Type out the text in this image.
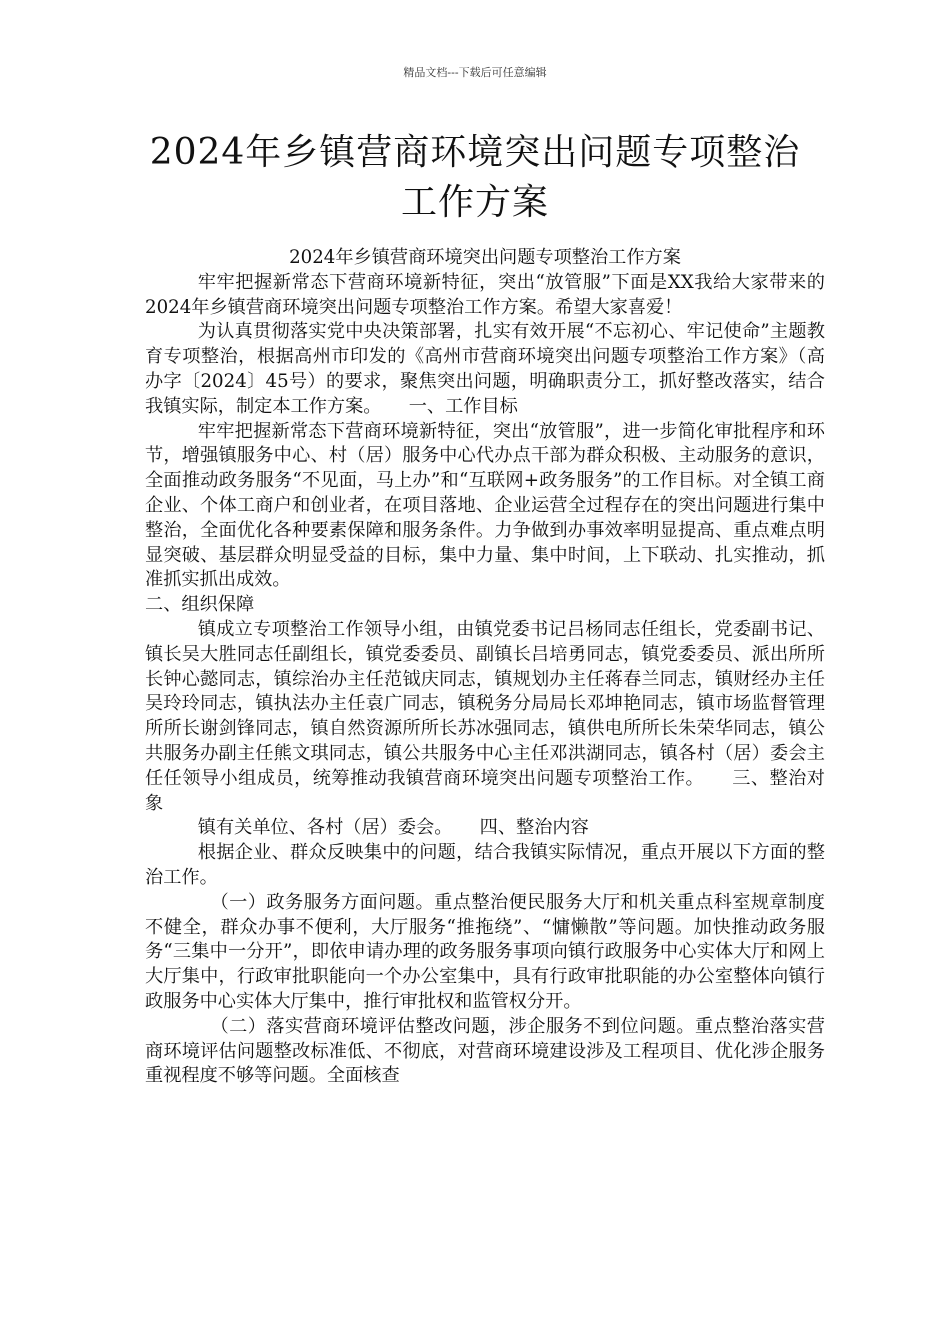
精品文档---下载后可任意编辑
2024年乡镇营商环境突出问题专项整治工作方案

2024年乡镇营商环境突出问题专项整治工作方案

牢牢把握新常态下营商环境新特征，突出“放管服”下面是XX我给大家带来的2024年乡镇营商环境突出问题专项整治工作方案。希望大家喜爱！

为认真贯彻落实党中央决策部署，扎实有效开展“不忘初心、牢记使命”主题教育专项整治，根据高州市印发的《高州市营商环境突出问题专项整治工作方案》（高办字〔2024〕45号）的要求，聚焦突出问题，明确职责分工，抓好整改落实，结合我镇实际，制定本工作方案。　　一、工作目标

牢牢把握新常态下营商环境新特征，突出“放管服”，进一步简化审批程序和环节，增强镇服务中心、村（居）服务中心代办点干部为群众积极、主动服务的意识，全面推动政务服务“不见面，马上办”和“互联网+政务服务”的工作目标。对全镇工商企业、个体工商户和创业者，在项目落地、企业运营全过程存在的突出问题进行集中整治，全面优化各种要素保障和服务条件。力争做到办事效率明显提高、重点难点明显突破、基层群众明显受益的目标，集中力量、集中时间，上下联动、扎实推动，抓准抓实抓出成效。

二、组织保障

镇成立专项整治工作领导小组，由镇党委书记吕杨同志任组长，党委副书记、镇长吴大胜同志任副组长，镇党委委员、副镇长吕培勇同志，镇党委委员、派出所所长钟心懿同志，镇综治办主任范钺庆同志，镇规划办主任蒋春兰同志，镇财经办主任吴玲玲同志，镇执法办主任袁广同志，镇税务分局局长邓坤艳同志，镇市场监督管理所所长谢剑锋同志，镇自然资源所所长苏冰强同志，镇供电所所长朱荣华同志，镇公共服务办副主任熊文琪同志，镇公共服务中心主任邓洪湖同志，镇各村（居）委会主任任领导小组成员，统筹推动我镇营商环境突出问题专项整治工作。　　三、整治对象

镇有关单位、各村（居）委会。　　四、整治内容

根据企业、群众反映集中的问题，结合我镇实际情况，重点开展以下方面的整治工作。

（一）政务服务方面问题。重点整治便民服务大厅和机关重点科室规章制度不健全，群众办事不便利，大厅服务“推拖绕”、“慵懒散”等问题。加快推动政务服务“三集中一分开”，即依申请办理的政务服务事项向镇行政服务中心实体大厅和网上大厅集中，行政审批职能向一个办公室集中，具有行政审批职能的办公室整体向镇行政服务中心实体大厅集中，推行审批权和监管权分开。

（二）落实营商环境评估整改问题，涉企服务不到位问题。重点整治落实营商环境评估问题整改标准低、不彻底，对营商环境建设涉及工程项目、优化涉企服务重视程度不够等问题。全面核查
